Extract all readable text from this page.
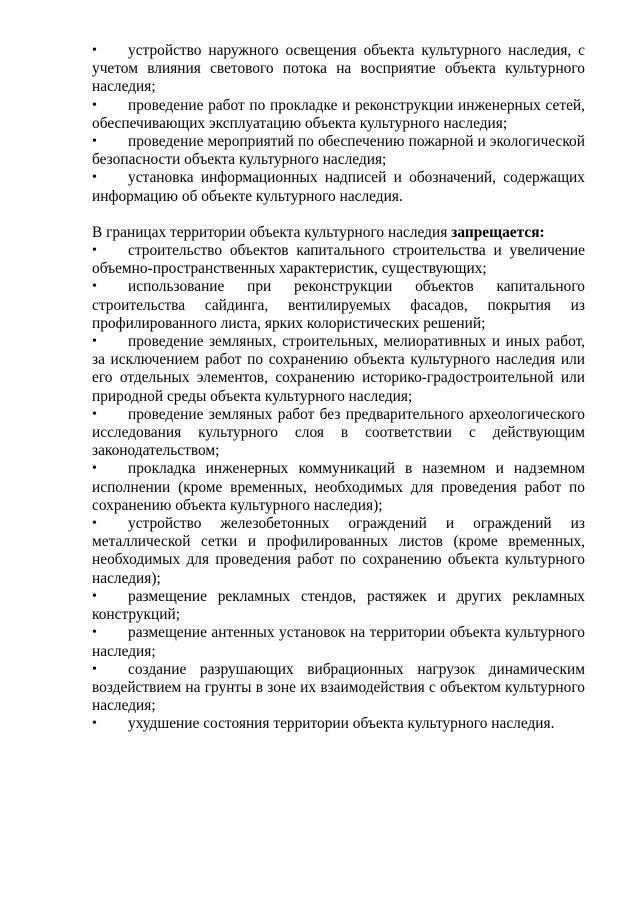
• устройство наружного освещения объекта культурного наследия, с учетом влияния светового потока на восприятие объекта культурного наследия;

• проведение работ по прокладке и реконструкции инженерных сетей, обеспечивающих эксплуатацию объекта культурного наследия;

• проведение мероприятий по обеспечению пожарной и экологической безопасности объекта культурного наследия;

• установка информационных надписей и обозначений, содержащих информацию об объекте культурного наследия.

В границах территории объекта культурного наследия запрещается:

• строительство объектов капитального строительства и увеличение объемно-пространственных характеристик, существующих;

• использование при реконструкции объектов капитального строительства сайдинга, вентилируемых фасадов, покрытия из профилированного листа, ярких колористических решений;

• проведение земляных, строительных, мелиоративных и иных работ, за исключением работ по сохранению объекта культурного наследия или его отдельных элементов, сохранению историко-градостроительной или природной среды объекта культурного наследия;

• проведение земляных работ без предварительного археологического исследования культурного слоя в соответствии с действующим законодательством;

• прокладка инженерных коммуникаций в наземном и надземном исполнении (кроме временных, необходимых для проведения работ по сохранению объекта культурного наследия);

• устройство железобетонных ограждений и ограждений из металлической сетки и профилированных листов (кроме временных, необходимых для проведения работ по сохранению объекта культурного наследия);

• размещение рекламных стендов, растяжек и других рекламных конструкций;

• размещение антенных установок на территории объекта культурного наследия;

• создание разрушающих вибрационных нагрузок динамическим воздействием на грунты в зоне их взаимодействия с объектом культурного наследия;

• ухудшение состояния территории объекта культурного наследия.
